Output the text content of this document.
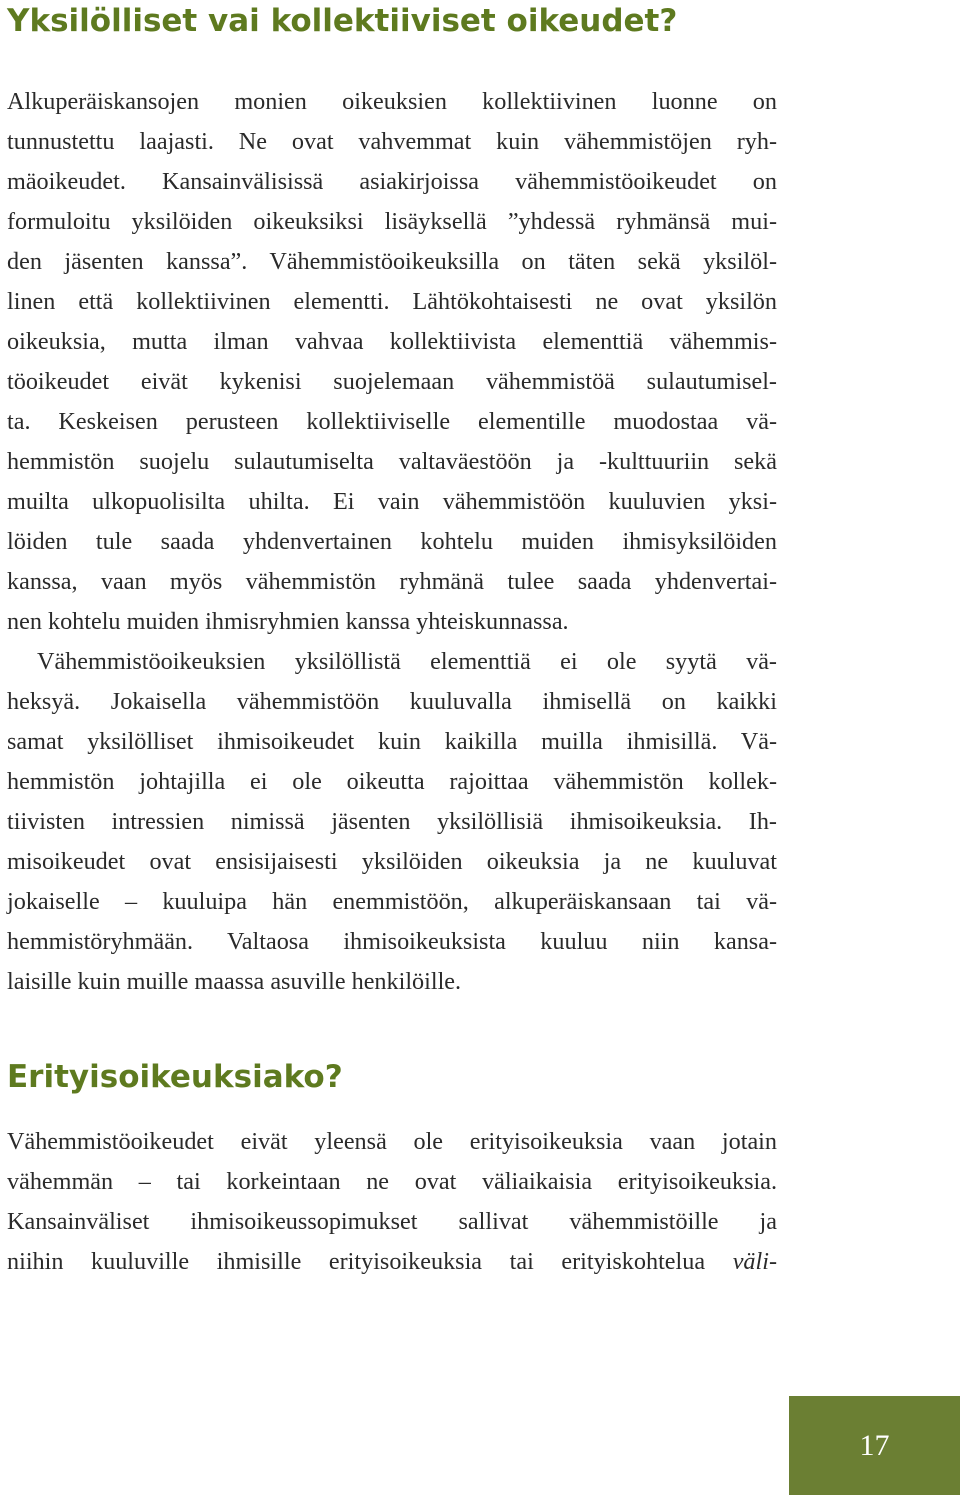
Yksilölliset vai kollektiiviset oikeudet?
Alkuperäiskansojen monien oikeuksien kollektiivinen luonne on
tunnustettu laajasti. Ne ovat vahvemmat kuin vähemmistöjen ryh-
mäoikeudet. Kansainvälisissä asiakirjoissa vähemmistöoikeudet on
formuloitu yksilöiden oikeuksiksi lisäyksellä ”yhdessä ryhmänsä mui-
den jäsenten kanssa”. Vähemmistöoikeuksilla on täten sekä yksilöl-
linen että kollektiivinen elementti. Lähtökohtaisesti ne ovat yksilön
oikeuksia, mutta ilman vahvaa kollektiivista elementtiä vähemmis-
töoikeudet eivät kykenisi suojelemaan vähemmistöä sulautumisel-
ta. Keskeisen perusteen kollektiiviselle elementille muodostaa vä-
hemmistön suojelu sulautumiselta valtaväestöön ja -kulttuuriin sekä
muilta ulkopuolisilta uhilta. Ei vain vähemmistöön kuuluvien yksi-
löiden tule saada yhdenvertainen kohtelu muiden ihmisyksilöiden
kanssa, vaan myös vähemmistön ryhmänä tulee saada yhdenvertai-
nen kohtelu muiden ihmisryhmien kanssa yhteiskunnassa.
Vähemmistöoikeuksien yksilöllistä elementtiä ei ole syytä vä-
heksyä. Jokaisella vähemmistöön kuuluvalla ihmisellä on kaikki
samat yksilölliset ihmisoikeudet kuin kaikilla muilla ihmisillä. Vä-
hemmistön johtajilla ei ole oikeutta rajoittaa vähemmistön kollek-
tiivisten intressien nimissä jäsenten yksilöllisiä ihmisoikeuksia. Ih-
misoikeudet ovat ensisijaisesti yksilöiden oikeuksia ja ne kuuluvat
jokaiselle – kuuluipa hän enemmistöön, alkuperäiskansaan tai vä-
hemmistöryhmään. Valtaosa ihmisoikeuksista kuuluu niin kansa-
laisille kuin muille maassa asuville henkilöille.
Erityisoikeuksiako?
Vähemmistöoikeudet eivät yleensä ole erityisoikeuksia vaan jotain
vähemmän – tai korkeintaan ne ovat väliaikaisia erityisoikeuksia.
Kansainväliset ihmisoikeussopimukset sallivat vähemmistöille ja
niihin kuuluville ihmisille erityisoikeuksia tai erityiskohtelua väli-
17
